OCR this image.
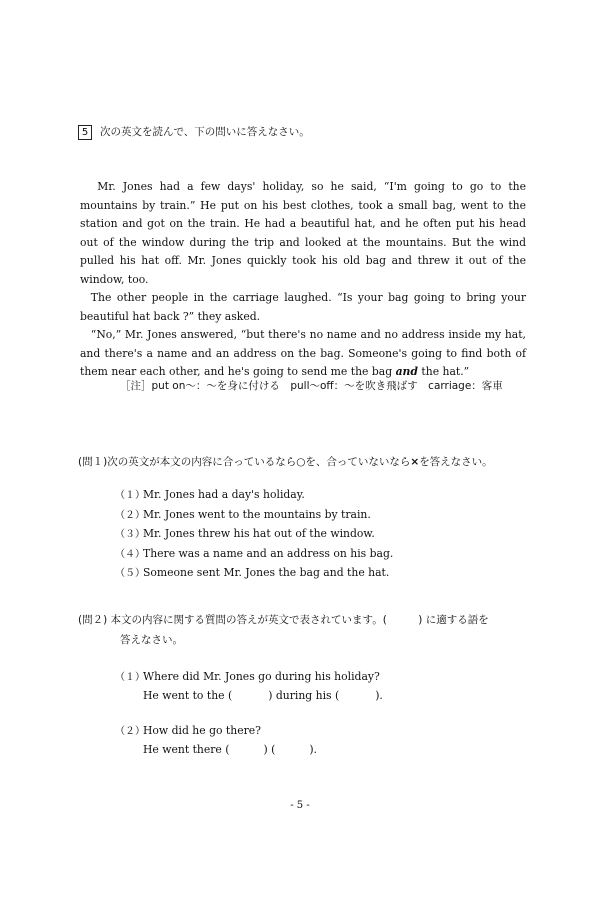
5 次の英文を読んで、下の問いに答えなさい。

Mr. Jones had a few days' holiday, so he said, “I'm going to go to the mountains by train.” He put on his best clothes, took a small bag, went to the station and got on the train. He had a beautiful hat, and he often put his head out of the window during the trip and looked at the mountains. But the wind pulled his hat off. Mr. Jones quickly took his old bag and threw it out of the window, too.

The other people in the carriage laughed. “Is your bag going to bring your beautiful hat back ?” they asked.

“No,” Mr. Jones answered, “but there's no name and no address inside my hat, and there's a name and an address on the bag. Someone's going to find both of them near each other, and he's going to send me the bag and the hat.”

［注］put on〜：〜を身に付ける　pull〜off：〜を吹き飛ばす　carriage：客車
(問１)次の英文が本文の内容に合っているなら○を、合っていないなら×を答えなさい。
（１）Mr. Jones had a day's holiday.
（２）Mr. Jones went to the mountains by train.
（３）Mr. Jones threw his hat out of the window.
（４）There was a name and an address on his bag.
（５）Someone sent Mr. Jones the bag and the hat.
(問２) 本文の内容に関する質問の答えが英文で表されています。(　　　) に適する語を
答えなさい。
（１）Where did Mr. Jones go during his holiday?
He went to the (	) during his (	).
（２）How did he go there?
He went there (	) (	).
- 5 -
